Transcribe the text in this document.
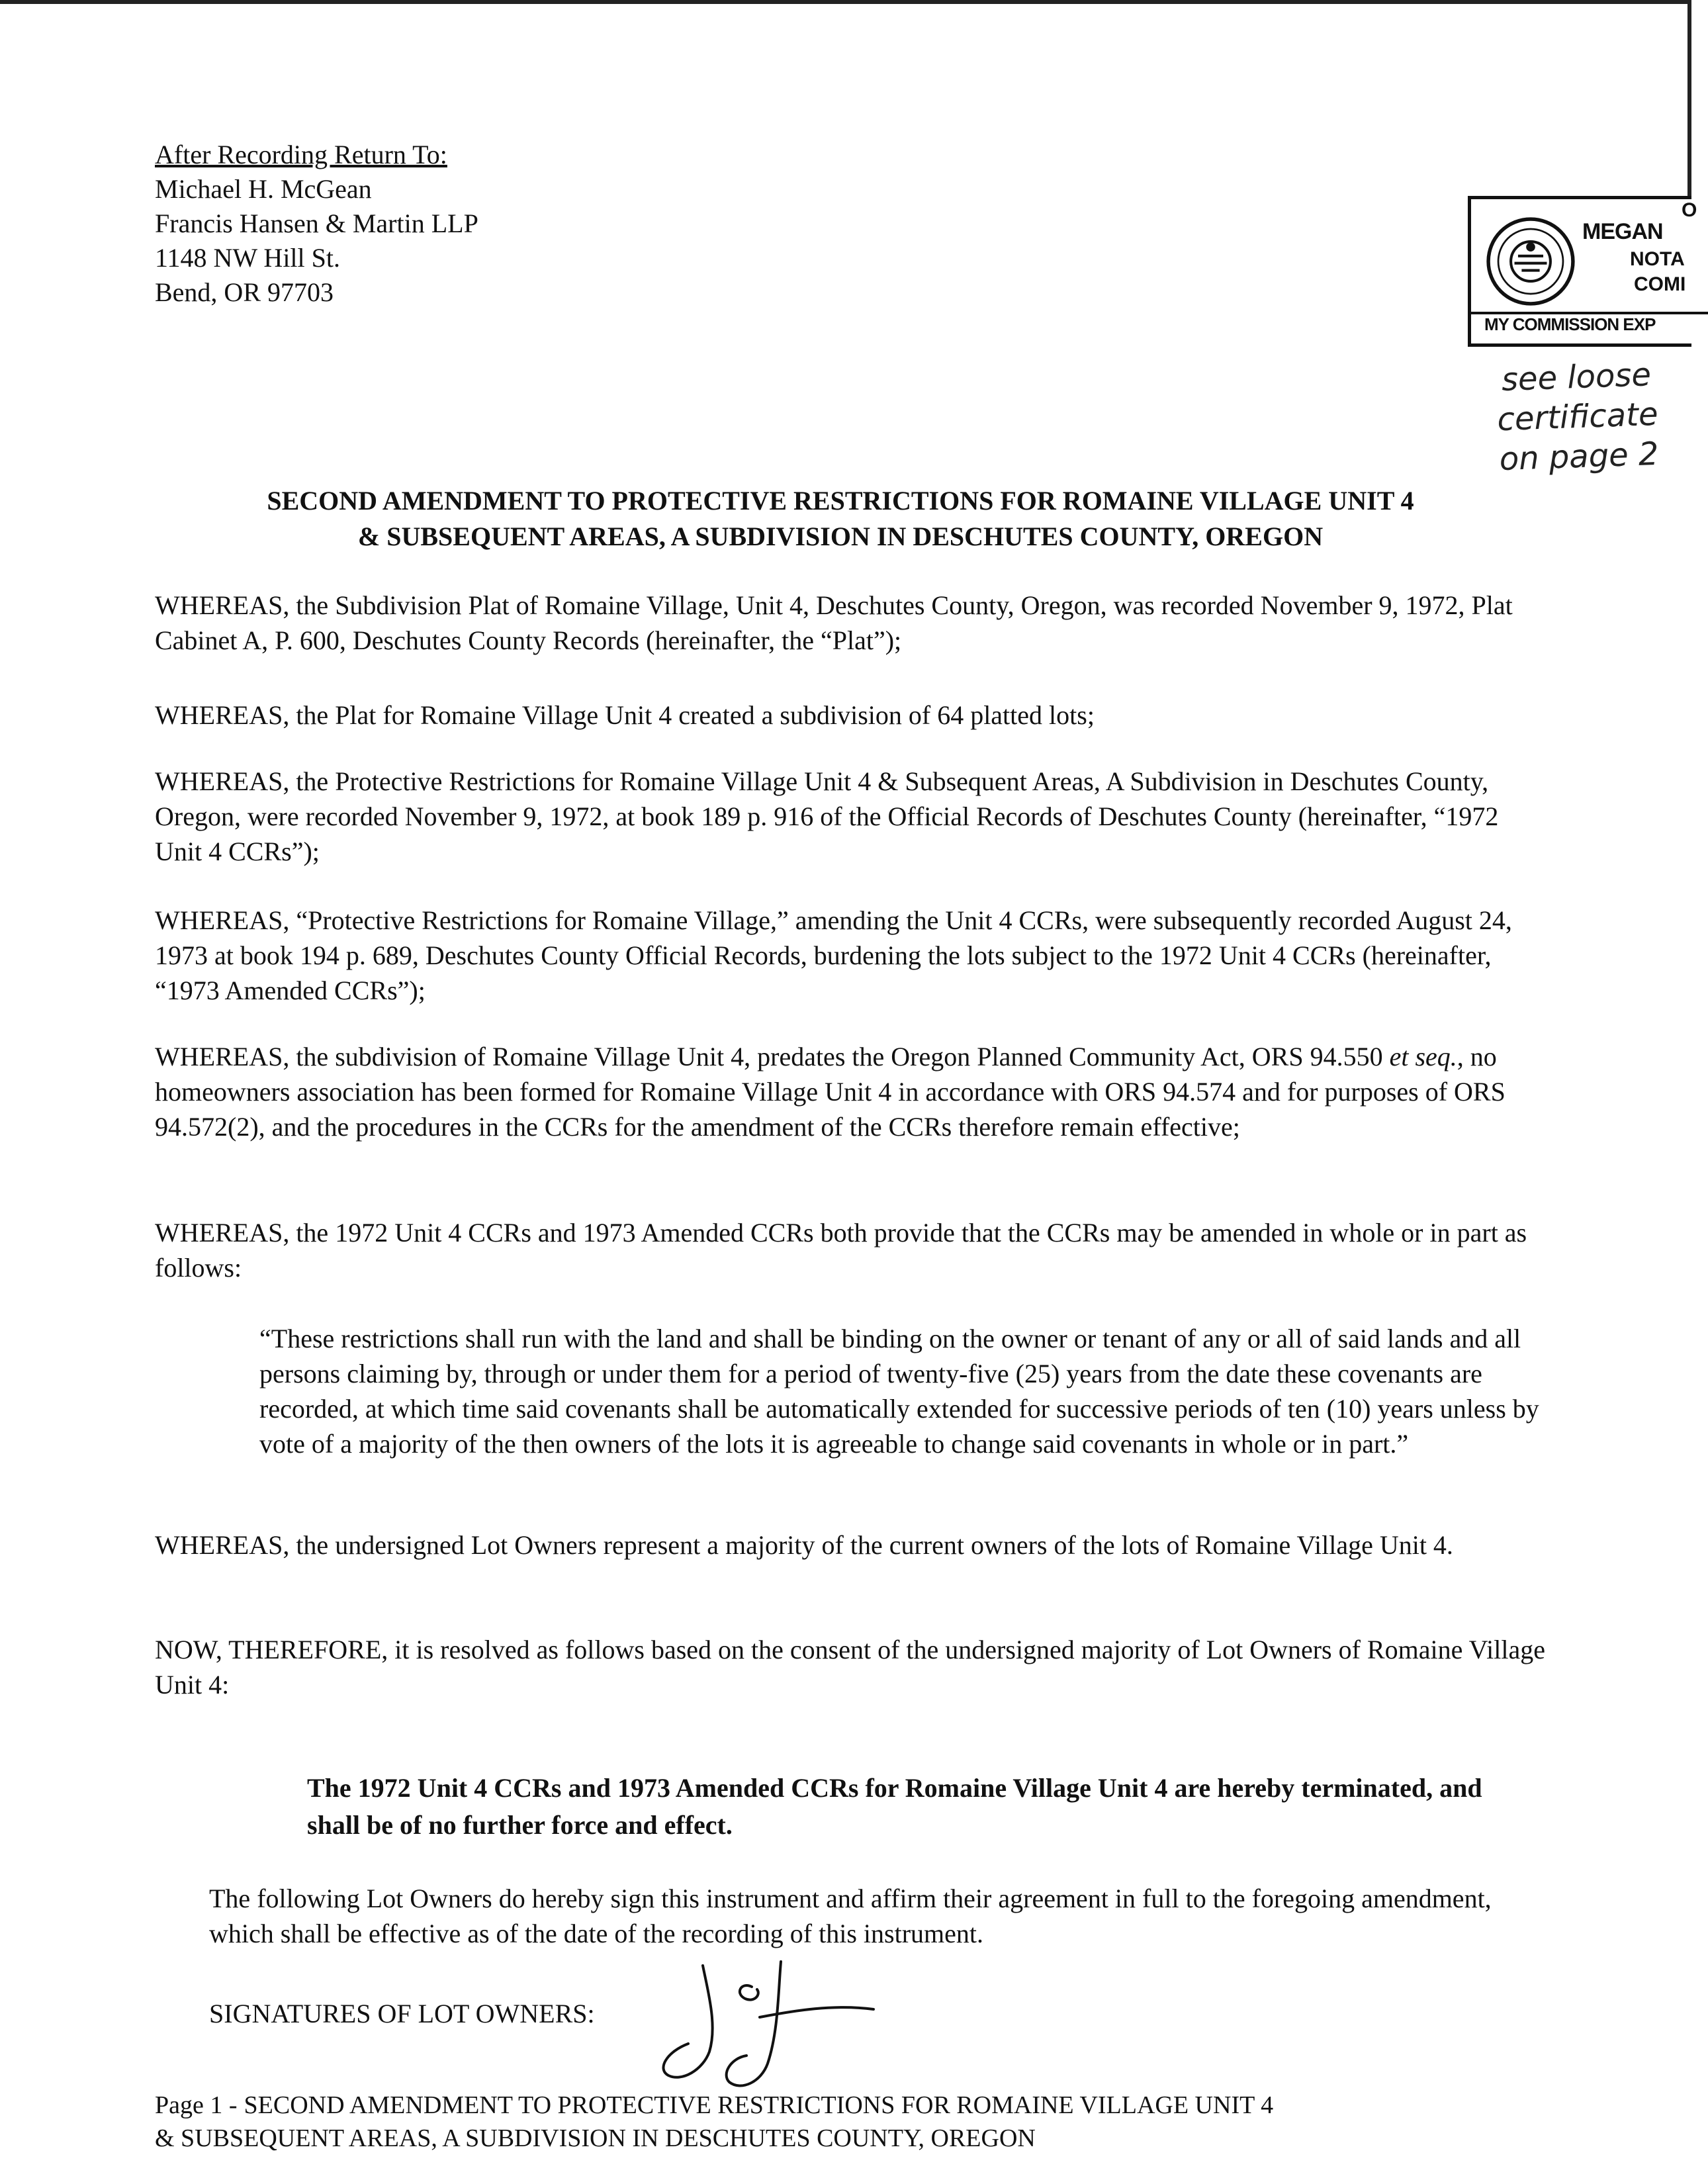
After Recording Return To:
Michael H. McGean
Francis Hansen & Martin LLP
1148 NW Hill St.
Bend, OR 97703
O
MEGAN
NOTA
COMI
MY COMMISSION EXP
see loose
certificate
on page 2
SECOND AMENDMENT TO PROTECTIVE RESTRICTIONS FOR ROMAINE VILLAGE UNIT 4
& SUBSEQUENT AREAS, A SUBDIVISION IN DESCHUTES COUNTY, OREGON
WHEREAS, the Subdivision Plat of Romaine Village, Unit 4, Deschutes County, Oregon, was recorded November 9, 1972, Plat Cabinet A, P. 600, Deschutes County Records (hereinafter, the “Plat”);
WHEREAS, the Plat for Romaine Village Unit 4 created a subdivision of 64 platted lots;
WHEREAS, the Protective Restrictions for Romaine Village Unit 4 & Subsequent Areas, A Subdivision in Deschutes County, Oregon, were recorded November 9, 1972, at book 189 p. 916 of the Official Records of Deschutes County (hereinafter, “1972 Unit 4 CCRs”);
WHEREAS, “Protective Restrictions for Romaine Village,” amending the Unit 4 CCRs, were subsequently recorded August 24, 1973 at book 194 p. 689, Deschutes County Official Records, burdening the lots subject to the 1972 Unit 4 CCRs (hereinafter, “1973 Amended CCRs”);
WHEREAS, the subdivision of Romaine Village Unit 4, predates the Oregon Planned Community Act, ORS 94.550 et seq., no homeowners association has been formed for Romaine Village Unit 4 in accordance with ORS 94.574 and for purposes of ORS 94.572(2), and the procedures in the CCRs for the amendment of the CCRs therefore remain effective;
WHEREAS, the 1972 Unit 4 CCRs and 1973 Amended CCRs both provide that the CCRs may be amended in whole or in part as follows:
“These restrictions shall run with the land and shall be binding on the owner or tenant of any or all of said lands and all persons claiming by, through or under them for a period of twenty-five (25) years from the date these covenants are recorded, at which time said covenants shall be automatically extended for successive periods of ten (10) years unless by vote of a majority of the then owners of the lots it is agreeable to change said covenants in whole or in part.”
WHEREAS, the undersigned Lot Owners represent a majority of the current owners of the lots of Romaine Village Unit 4.
NOW, THEREFORE, it is resolved as follows based on the consent of the undersigned majority of Lot Owners of Romaine Village Unit 4:
The 1972 Unit 4 CCRs and 1973 Amended CCRs for Romaine Village Unit 4 are hereby terminated, and shall be of no further force and effect.
The following Lot Owners do hereby sign this instrument and affirm their agreement in full to the foregoing amendment, which shall be effective as of the date of the recording of this instrument.
SIGNATURES OF LOT OWNERS:
Page 1 - SECOND AMENDMENT TO PROTECTIVE RESTRICTIONS FOR ROMAINE VILLAGE UNIT 4
& SUBSEQUENT AREAS, A SUBDIVISION IN DESCHUTES COUNTY, OREGON
